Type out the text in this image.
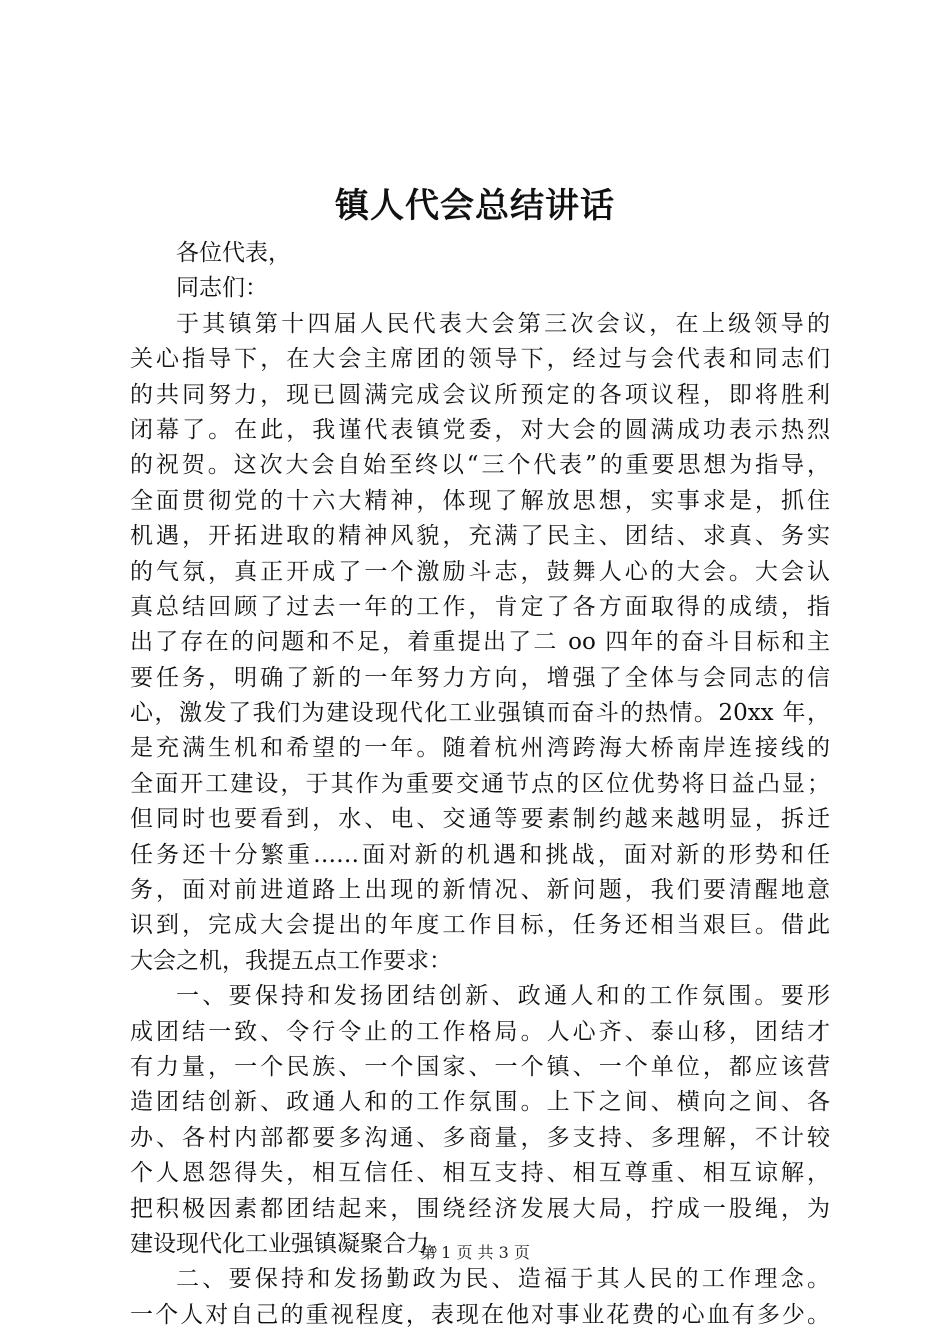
镇人代会总结讲话
各位代表，
同志们：
于其镇第十四届人民代表大会第三次会议，在上级领导的
关心指导下，在大会主席团的领导下，经过与会代表和同志们
的共同努力，现已圆满完成会议所预定的各项议程，即将胜利
闭幕了。在此，我谨代表镇党委，对大会的圆满成功表示热烈
的祝贺。这次大会自始至终以“三个代表”的重要思想为指导，
全面贯彻党的十六大精神，体现了解放思想，实事求是，抓住
机遇，开拓进取的精神风貌，充满了民主、团结、求真、务实
的气氛，真正开成了一个激励斗志，鼓舞人心的大会。大会认
真总结回顾了过去一年的工作，肯定了各方面取得的成绩，指
出了存在的问题和不足，着重提出了二 oo 四年的奋斗目标和主
要任务，明确了新的一年努力方向，增强了全体与会同志的信
心，激发了我们为建设现代化工业强镇而奋斗的热情。20xx 年，
是充满生机和希望的一年。随着杭州湾跨海大桥南岸连接线的
全面开工建设，于其作为重要交通节点的区位优势将日益凸显；
但同时也要看到，水、电、交通等要素制约越来越明显，拆迁
任务还十分繁重……面对新的机遇和挑战，面对新的形势和任
务，面对前进道路上出现的新情况、新问题，我们要清醒地意
识到，完成大会提出的年度工作目标，任务还相当艰巨。借此
大会之机，我提五点工作要求：
一、要保持和发扬团结创新、政通人和的工作氛围。要形
成团结一致、令行令止的工作格局。人心齐、泰山移，团结才
有力量，一个民族、一个国家、一个镇、一个单位，都应该营
造团结创新、政通人和的工作氛围。上下之间、横向之间、各
办、各村内部都要多沟通、多商量，多支持、多理解，不计较
个人恩怨得失，相互信任、相互支持、相互尊重、相互谅解，
把积极因素都团结起来，围绕经济发展大局，拧成一股绳，为
建设现代化工业强镇凝聚合力。
二、要保持和发扬勤政为民、造福于其人民的工作理念。
一个人对自己的重视程度，表现在他对事业花费的心血有多少。
第 1 页 共 3 页
